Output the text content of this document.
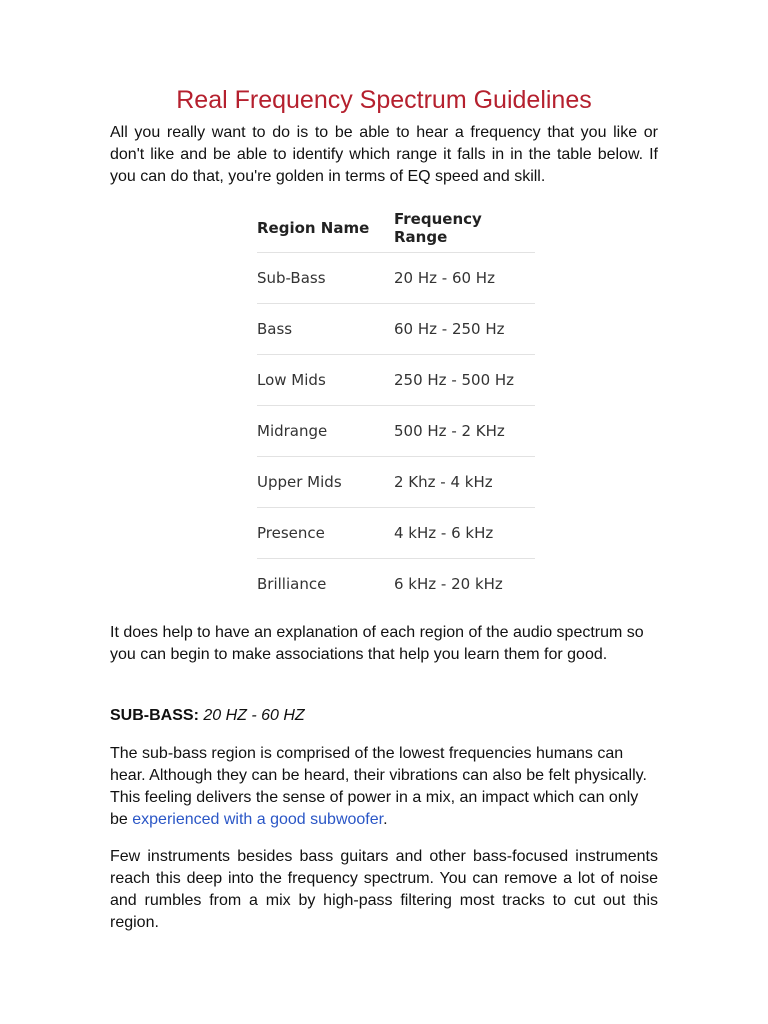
Real Frequency Spectrum Guidelines

All you really want to do is to be able to hear a frequency that you like or don't like and be able to identify which range it falls in in the table below. If you can do that, you're golden in terms of EQ speed and skill.

Region Name	Frequency Range
Sub-Bass	20 Hz - 60 Hz
Bass	60 Hz - 250 Hz
Low Mids	250 Hz - 500 Hz
Midrange	500 Hz - 2 KHz
Upper Mids	2 Khz - 4 kHz
Presence	4 kHz - 6 kHz
Brilliance	6 kHz - 20 kHz

It does help to have an explanation of each region of the audio spectrum so you can begin to make associations that help you learn them for good.

SUB-BASS: 20 HZ - 60 HZ

The sub-bass region is comprised of the lowest frequencies humans can hear. Although they can be heard, their vibrations can also be felt physically. This feeling delivers the sense of power in a mix, an impact which can only be experienced with a good subwoofer.

Few instruments besides bass guitars and other bass-focused instruments reach this deep into the frequency spectrum. You can remove a lot of noise and rumbles from a mix by high-pass filtering most tracks to cut out this region.
